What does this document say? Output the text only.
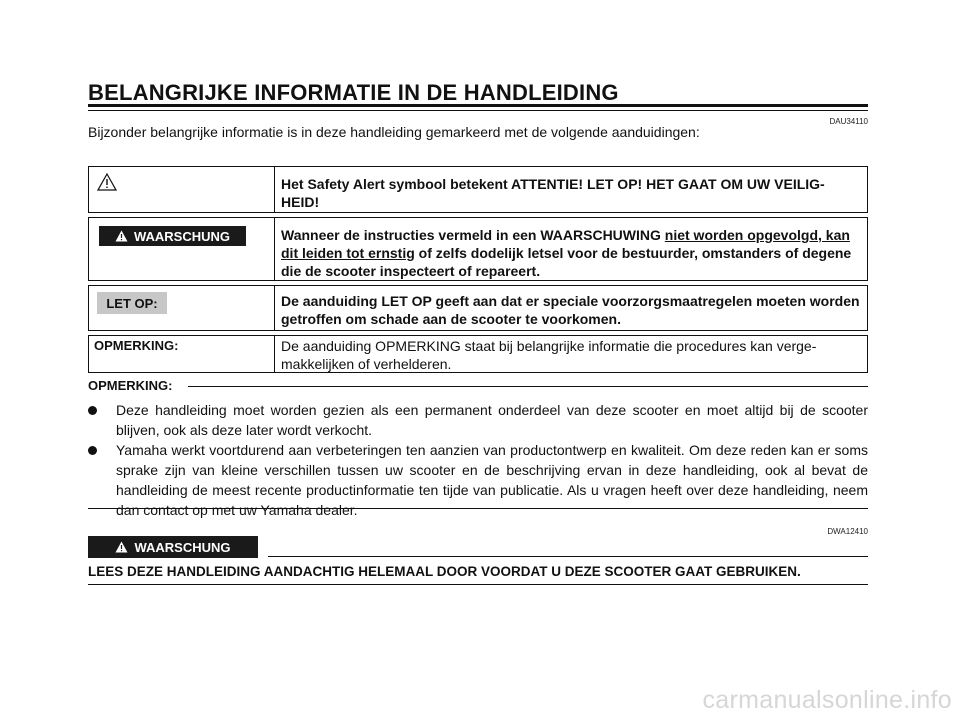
BELANGRIJKE INFORMATIE IN DE HANDLEIDING
DAU34110
Bijzonder belangrijke informatie is in deze handleiding gemarkeerd met de volgende aanduidingen:
Het Safety Alert symbool betekent ATTENTIE! LET OP! HET GAAT OM UW VEILIG-HEID!
WAARSCHUNG	Wanneer de instructies vermeld in een WAARSCHUWING niet worden opgevolgd, kan dit leiden tot ernstig of zelfs dodelijk letsel voor de bestuurder, omstanders of degene die de scooter inspecteert of repareert.
LET OP:	De aanduiding LET OP geeft aan dat er speciale voorzorgsmaatregelen moeten worden getroffen om schade aan de scooter te voorkomen.
OPMERKING:	De aanduiding OPMERKING staat bij belangrijke informatie die procedures kan verge-makkelijken of verhelderen.
OPMERKING:
Deze handleiding moet worden gezien als een permanent onderdeel van deze scooter en moet altijd bij de scooter blijven, ook als deze later wordt verkocht.
Yamaha werkt voortdurend aan verbeteringen ten aanzien van productontwerp en kwaliteit. Om deze reden kan er soms sprake zijn van kleine verschillen tussen uw scooter en de beschrijving ervan in deze handleiding, ook al bevat de handleiding de meest recente productinformatie ten tijde van publicatie. Als u vragen heeft over deze handleiding, neem dan contact op met uw Yamaha dealer.
DWA12410
WAARSCHUNG
LEES DEZE HANDLEIDING AANDACHTIG HELEMAAL DOOR VOORDAT U DEZE SCOOTER GAAT GEBRUIKEN.
carmanualsonline.info
